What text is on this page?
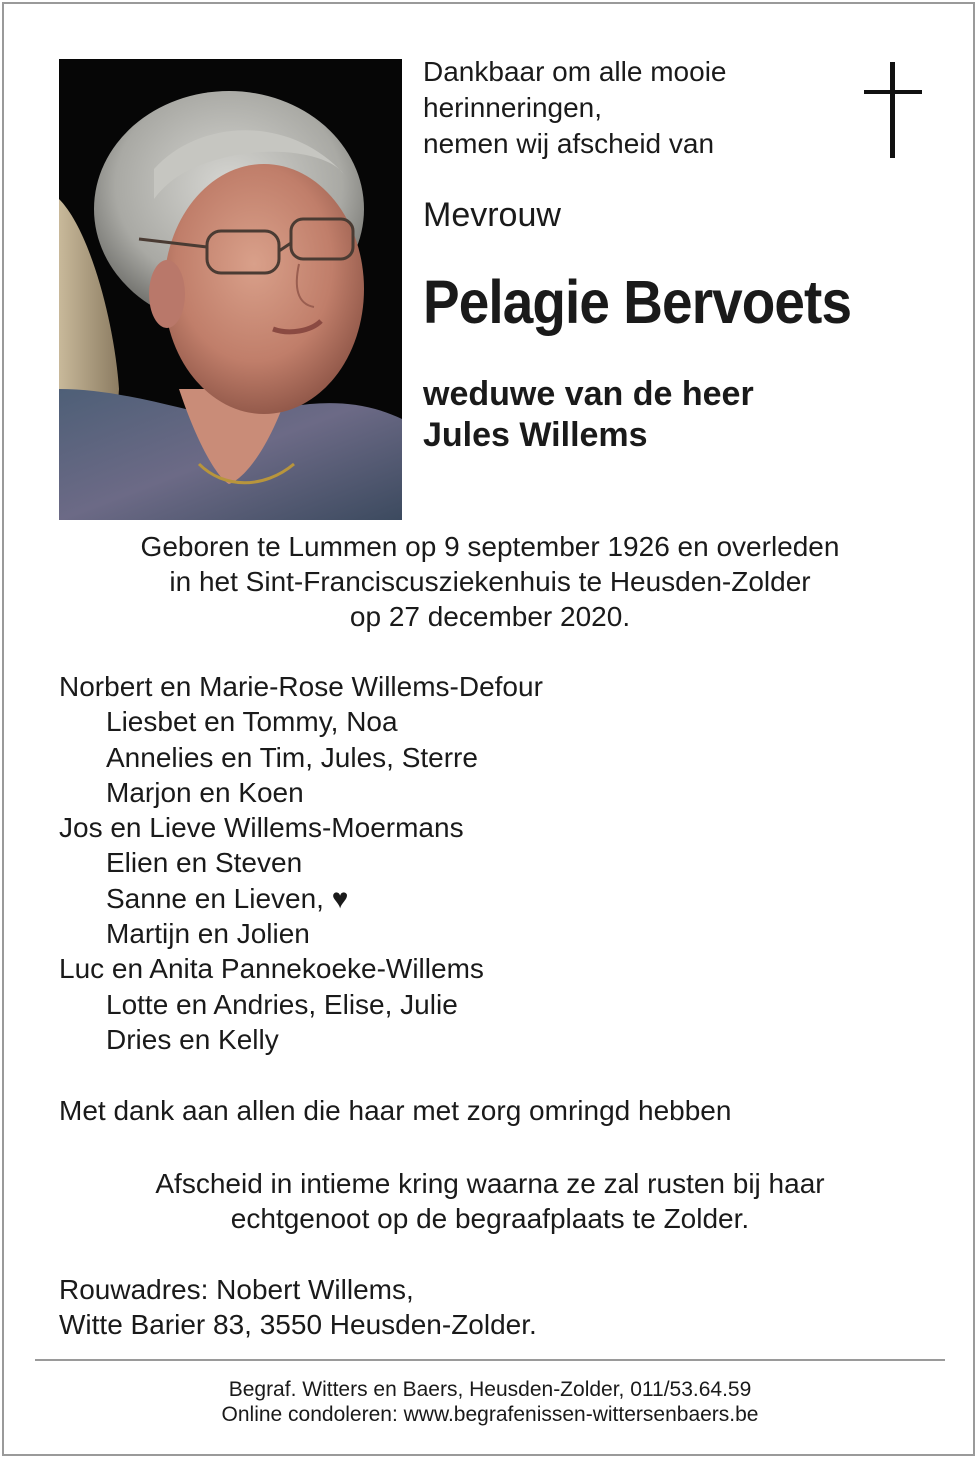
Dankbaar om alle mooie
herinneringen,
nemen wij afscheid van
Mevrouw
Pelagie Bervoets
weduwe van de heer
Jules Willems
Geboren te Lummen op 9 september 1926 en overleden
in het Sint-Franciscusziekenhuis te Heusden-Zolder
op 27 december 2020.
Norbert en Marie-Rose Willems-Defour
Liesbet en Tommy, Noa
Annelies en Tim, Jules, Sterre
Marjon en Koen
Jos en Lieve Willems-Moermans
Elien en Steven
Sanne en Lieven, ♥
Martijn en Jolien
Luc en Anita Pannekoeke-Willems
Lotte en Andries, Elise, Julie
Dries en Kelly
Met dank aan allen die haar met zorg omringd hebben
Afscheid in intieme kring waarna ze zal rusten bij haar
echtgenoot op de begraafplaats te Zolder.
Rouwadres: Nobert Willems,
Witte Barier 83, 3550 Heusden-Zolder.
Begraf. Witters en Baers, Heusden-Zolder, 011/53.64.59
Online condoleren: www.begrafenissen-wittersenbaers.be
